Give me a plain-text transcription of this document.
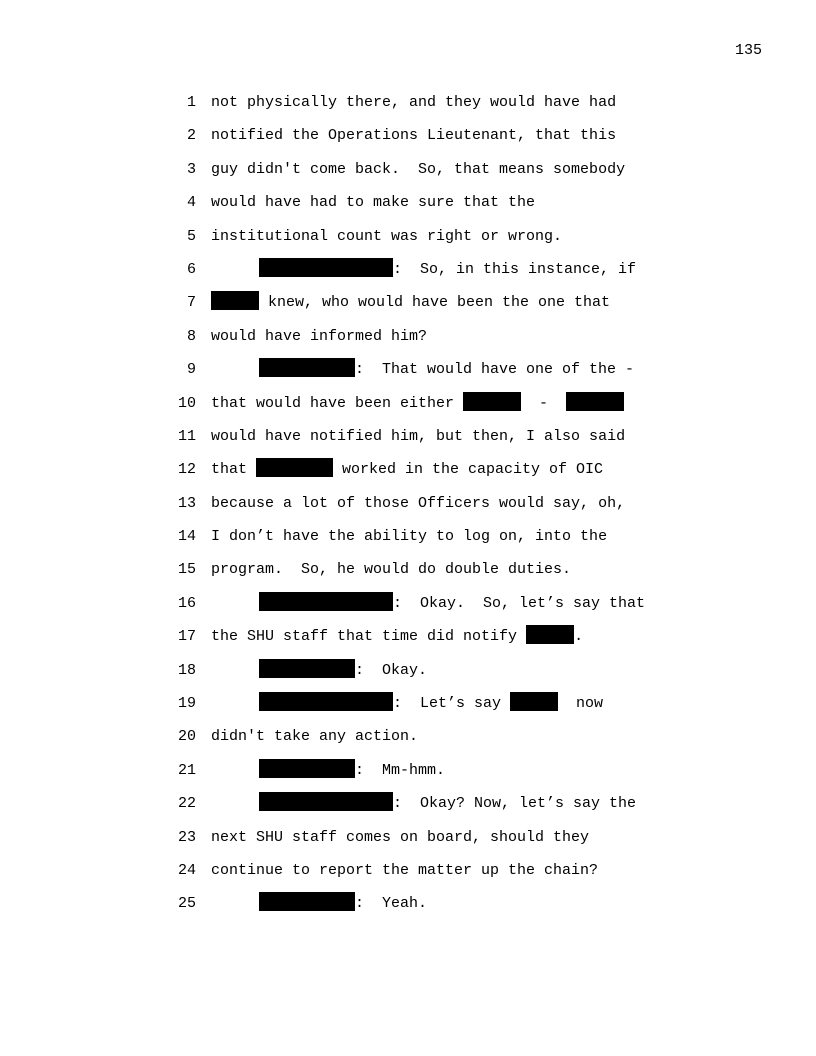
135
1 not physically there, and they would have had
2 notified the Operations Lieutenant, that this
3 guy didn't come back.  So, that means somebody
4 would have had to make sure that the
5 institutional count was right or wrong.
6	:  So, in this instance, if
7	knew, who would have been the one that
8 would have informed him?
9	:  That would have one of the -
10 that would have been either	-
11 would have notified him, but then, I also said
12 that	worked in the capacity of OIC
13 because a lot of those Officers would say, oh,
14 I don’t have the ability to log on, into the
15 program.  So, he would do double duties.
16	:  Okay.  So, let’s say that
17 the SHU staff that time did notify	.
18	:  Okay.
19	:  Let’s say	now
20 didn't take any action.
21	:  Mm-hmm.
22	:  Okay? Now, let’s say the
23 next SHU staff comes on board, should they
24 continue to report the matter up the chain?
25	:  Yeah.
